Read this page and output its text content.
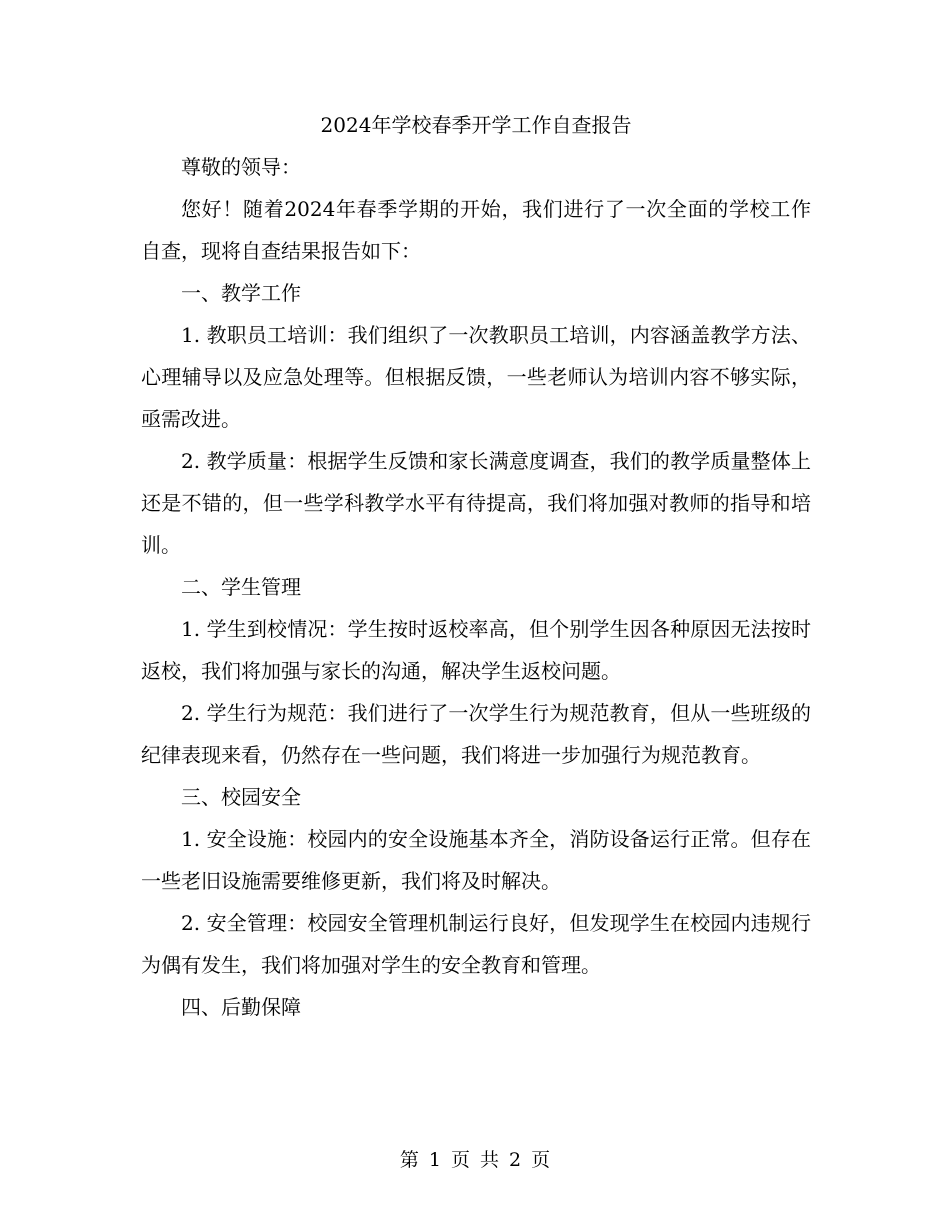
2024年学校春季开学工作自查报告

尊敬的领导：

您好！随着2024年春季学期的开始，我们进行了一次全面的学校工作自查，现将自查结果报告如下：

一、教学工作

1. 教职员工培训：我们组织了一次教职员工培训，内容涵盖教学方法、心理辅导以及应急处理等。但根据反馈，一些老师认为培训内容不够实际，亟需改进。

2. 教学质量：根据学生反馈和家长满意度调查，我们的教学质量整体上还是不错的，但一些学科教学水平有待提高，我们将加强对教师的指导和培训。

二、学生管理

1. 学生到校情况：学生按时返校率高，但个别学生因各种原因无法按时返校，我们将加强与家长的沟通，解决学生返校问题。

2. 学生行为规范：我们进行了一次学生行为规范教育，但从一些班级的纪律表现来看，仍然存在一些问题，我们将进一步加强行为规范教育。

三、校园安全

1. 安全设施：校园内的安全设施基本齐全，消防设备运行正常。但存在一些老旧设施需要维修更新，我们将及时解决。

2. 安全管理：校园安全管理机制运行良好，但发现学生在校园内违规行为偶有发生，我们将加强对学生的安全教育和管理。

四、后勤保障

第 1 页 共 2 页
